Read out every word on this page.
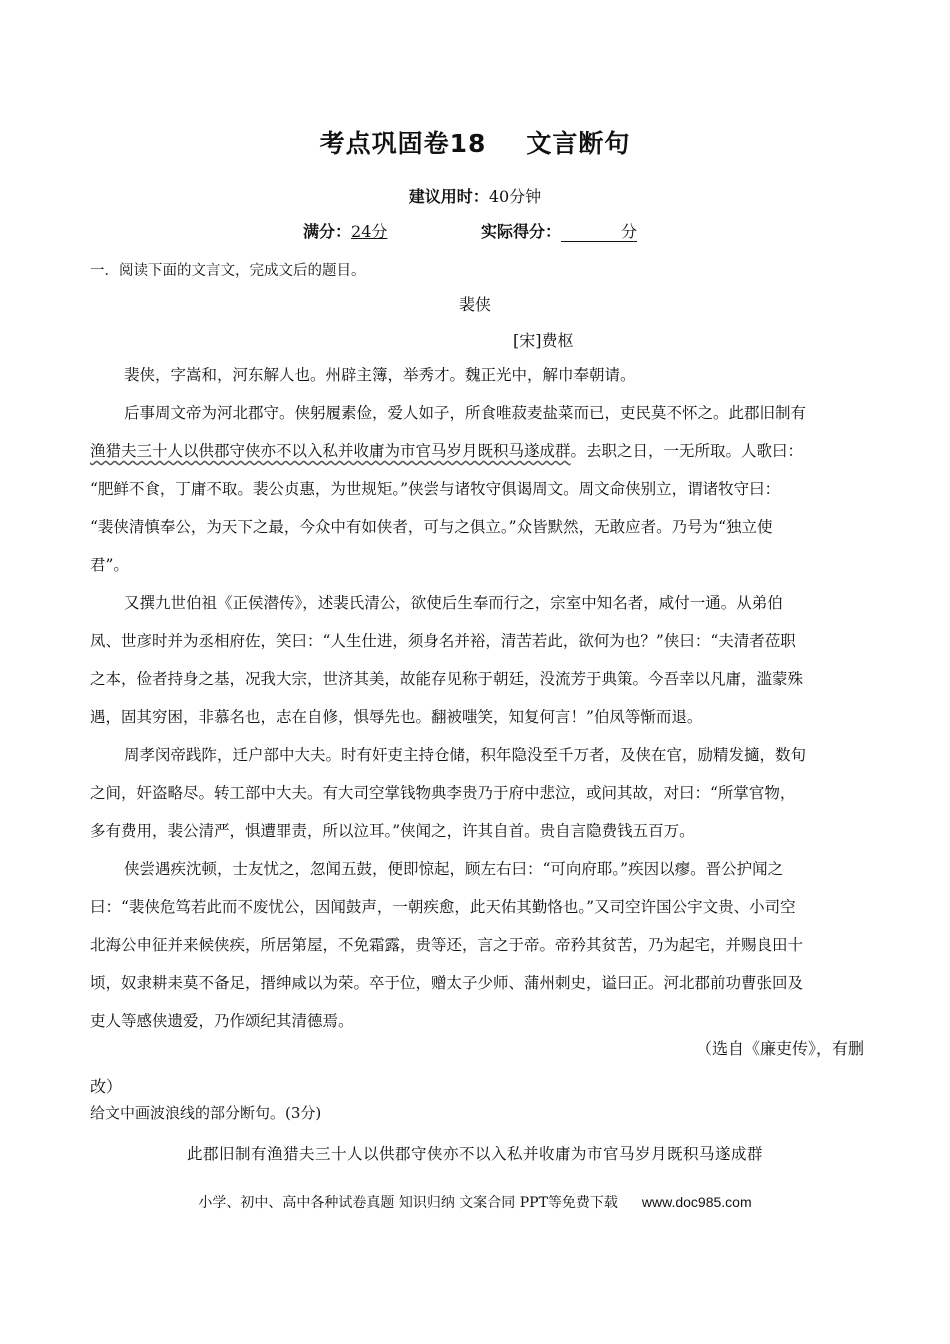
考点巩固卷18 文言断句
建议用时：40分钟
满分：24分	实际得分：	分
一．阅读下面的文言文，完成文后的题目。
裴侠
[宋]费枢
裴侠，字嵩和，河东解人也。州辟主簿，举秀才。魏正光中，解巾奉朝请。
后事周文帝为河北郡守。侠躬履素俭，爱人如子，所食唯菽麦盐菜而已，吏民莫不怀之。此郡旧制有
渔猎夫三十人以供郡守侠亦不以入私并收庸为市官马岁月既积马遂成群。去职之日，一无所取。人歌曰：
“肥鲜不食，丁庸不取。裴公贞惠，为世规矩。”侠尝与诸牧守俱谒周文。周文命侠别立，谓诸牧守曰：
“裴侠清慎奉公，为天下之最，今众中有如侠者，可与之俱立。”众皆默然，无敢应者。乃号为“独立使
君”。
又撰九世伯祖《正侯潜传》，述裴氏清公，欲使后生奉而行之，宗室中知名者，咸付一通。从弟伯
凤、世彦时并为丞相府佐，笑曰：“人生仕进，须身名并裕，清苦若此，欲何为也？”侠曰：“夫清者莅职
之本，俭者持身之基，况我大宗，世济其美，故能存见称于朝廷，没流芳于典策。今吾幸以凡庸，滥蒙殊
遇，固其穷困，非慕名也，志在自修，惧辱先也。翻被嗤笑，知复何言！”伯凤等惭而退。
周孝闵帝践阼，迁户部中大夫。时有奸吏主持仓储，积年隐没至千万者，及侠在官，励精发擿，数旬
之间，奸盗略尽。转工部中大夫。有大司空掌钱物典李贵乃于府中悲泣，或问其故，对曰：“所掌官物，
多有费用，裴公清严，惧遭罪责，所以泣耳。”侠闻之，许其自首。贵自言隐费钱五百万。
侠尝遇疾沈顿，士友忧之，忽闻五鼓，便即惊起，顾左右曰：“可向府耶。”疾因以瘳。晋公护闻之
曰：“裴侠危笃若此而不废忧公，因闻鼓声，一朝疾愈，此天佑其勤恪也。”又司空许国公宇文贵、小司空
北海公申征并来候侠疾，所居第屋，不免霜露，贵等还，言之于帝。帝矜其贫苦，乃为起宅，并赐良田十
顷，奴隶耕耒莫不备足，搢绅咸以为荣。卒于位，赠太子少师、蒲州刺史，谥曰正。河北郡前功曹张回及
吏人等感侠遗爱，乃作颂纪其清德焉。
（选自《廉吏传》，有删
改）
给文中画波浪线的部分断句。(3分)
此郡旧制有渔猎夫三十人以供郡守侠亦不以入私并收庸为市官马岁月既积马遂成群
小学、初中、高中各种试卷真题 知识归纳 文案合同 PPT等免费下载 www.doc985.com
